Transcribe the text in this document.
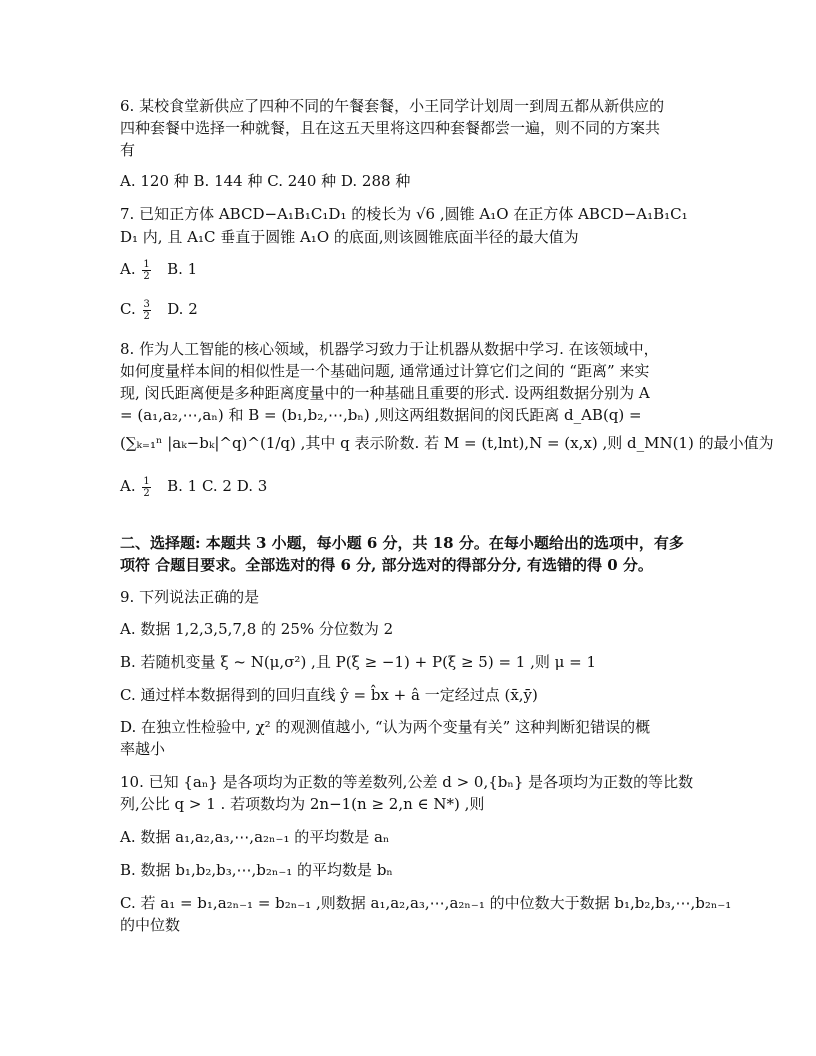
6. 某校食堂新供应了四种不同的午餐套餐，小王同学计划周一到周五都从新供应的
四种套餐中选择一种就餐，且在这五天里将这四种套餐都尝一遍，则不同的方案共
有
A. 120 种 B. 144 种 C. 240 种 D. 288 种
7. 已知正方体 ABCD−A₁B₁C₁D₁ 的棱长为 √6 ,圆锥 A₁O 在正方体 ABCD−A₁B₁C₁
D₁ 内, 且 A₁C 垂直于圆锥 A₁O 的底面,则该圆锥底面半径的最大值为
A. $\frac{1}{2} B$. 1
C. $\frac{3}{2} D$. 2
8. 作为人工智能的核心领域，机器学习致力于让机器从数据中学习. 在该领域中，
如何度量样本间的相似性是一个基础问题, 通常通过计算它们之间的 “距离” 来实
现, 闵氏距离便是多种距离度量中的一种基础且重要的形式. 设两组数据分别为 A
= (a₁,a₂,⋯,aₙ) 和 B = (b₁,b₂,⋯,bₙ) ,则这两组数据间的闵氏距离 d_AB(q) =
(∑ₖ₌₁ⁿ |aₖ−bₖ|^q)^(1/q) ,其中 q 表示阶数. 若 M = (t,lnt),N = (x,x) ,则 d_MN(1) 的最小值为
A. $\frac{1}{2} B$. 1 C. 2 D. 3
二、选择题: 本题共 3 小题，每小题 6 分，共 18 分。在每小题给出的选项中，有多
项符 合题目要求。全部选对的得 6 分, 部分选对的得部分分, 有选错的得 0 分。
9. 下列说法正确的是
A. 数据 1,2,3,5,7,8 的 25% 分位数为 2
B. 若随机变量 ξ ~ N(μ,σ²) ,且 P(ξ ≥ −1) + P(ξ ≥ 5) = 1 ,则 μ = 1
C. 通过样本数据得到的回归直线 ŷ = b̂x + â 一定经过点 (x̄,ȳ)
D. 在独立性检验中, χ² 的观测值越小, “认为两个变量有关” 这种判断犯错误的概
率越小
10. 已知 {aₙ} 是各项均为正数的等差数列,公差 d > 0,{bₙ} 是各项均为正数的等比数
列,公比 q > 1 . 若项数均为 2n−1(n ≥ 2,n ∈ N*) ,则
A. 数据 a₁,a₂,a₃,⋯,a₂ₙ₋₁ 的平均数是 aₙ
B. 数据 b₁,b₂,b₃,⋯,b₂ₙ₋₁ 的平均数是 bₙ
C. 若 a₁ = b₁,a₂ₙ₋₁ = b₂ₙ₋₁ ,则数据 a₁,a₂,a₃,⋯,a₂ₙ₋₁ 的中位数大于数据 b₁,b₂,b₃,⋯,b₂ₙ₋₁
的中位数
